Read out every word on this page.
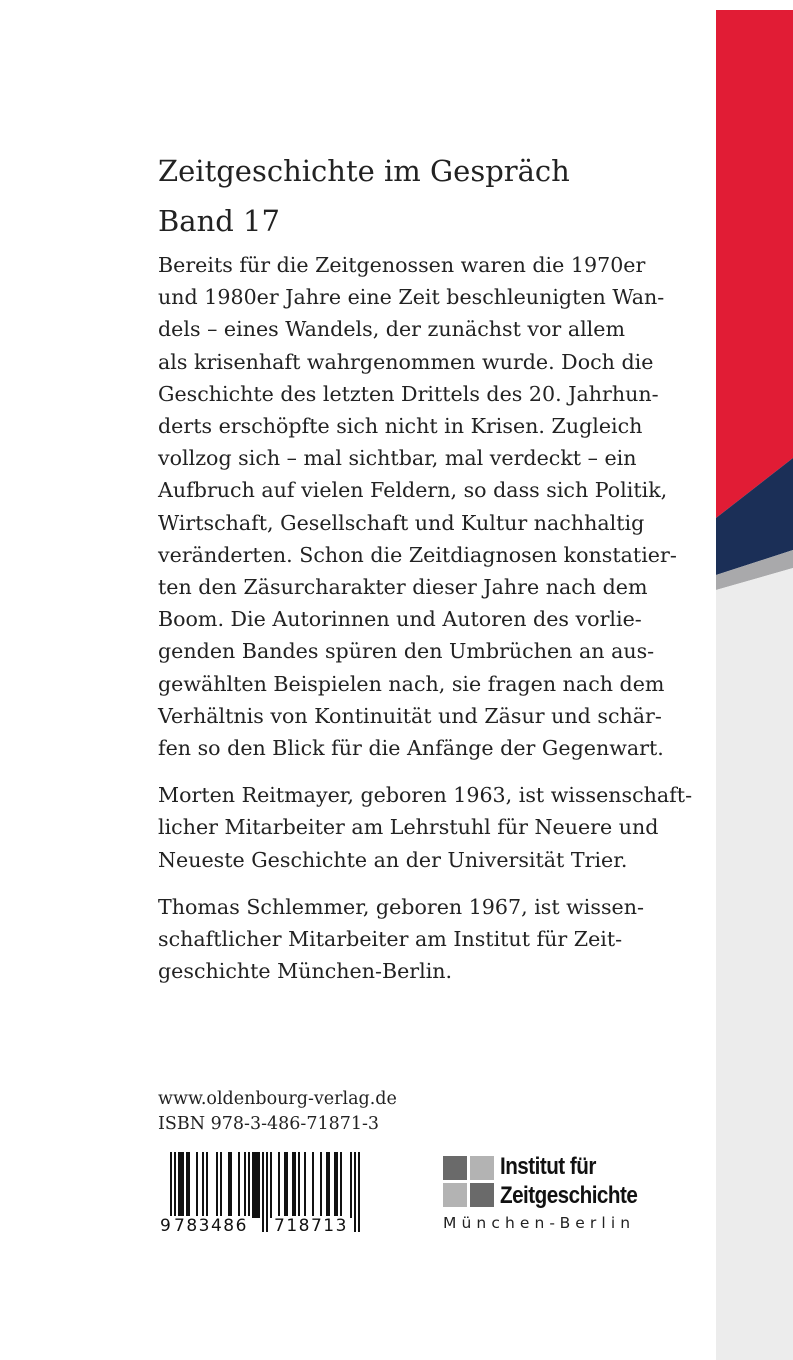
Zeitgeschichte im Gespräch
Band 17
Bereits für die Zeitgenossen waren die 1970er
und 1980er Jahre eine Zeit beschleunigten Wan-
dels – eines Wandels, der zunächst vor allem
als krisenhaft wahrgenommen wurde. Doch die
Geschichte des letzten Drittels des 20. Jahrhun-
derts erschöpfte sich nicht in Krisen. Zugleich
vollzog sich – mal sichtbar, mal verdeckt – ein
Aufbruch auf vielen Feldern, so dass sich Politik,
Wirtschaft, Gesellschaft und Kultur nachhaltig
veränderten. Schon die Zeitdiagnosen konstatier-
ten den Zäsurcharakter dieser Jahre nach dem
Boom. Die Autorinnen und Autoren des vorlie-
genden Bandes spüren den Umbrüchen an aus-
gewählten Beispielen nach, sie fragen nach dem
Verhältnis von Kontinuität und Zäsur und schär-
fen so den Blick für die Anfänge der Gegenwart.
Morten Reitmayer, geboren 1963, ist wissenschaft-
licher Mitarbeiter am Lehrstuhl für Neuere und
Neueste Geschichte an der Universität Trier.
Thomas Schlemmer, geboren 1967, ist wissen-
schaftlicher Mitarbeiter am Institut für Zeit-
geschichte München-Berlin.
www.oldenbourg-verlag.de
ISBN 978-3-486-71871-3
9 783486 718713
Institut für
Zeitgeschichte
München-Berlin
